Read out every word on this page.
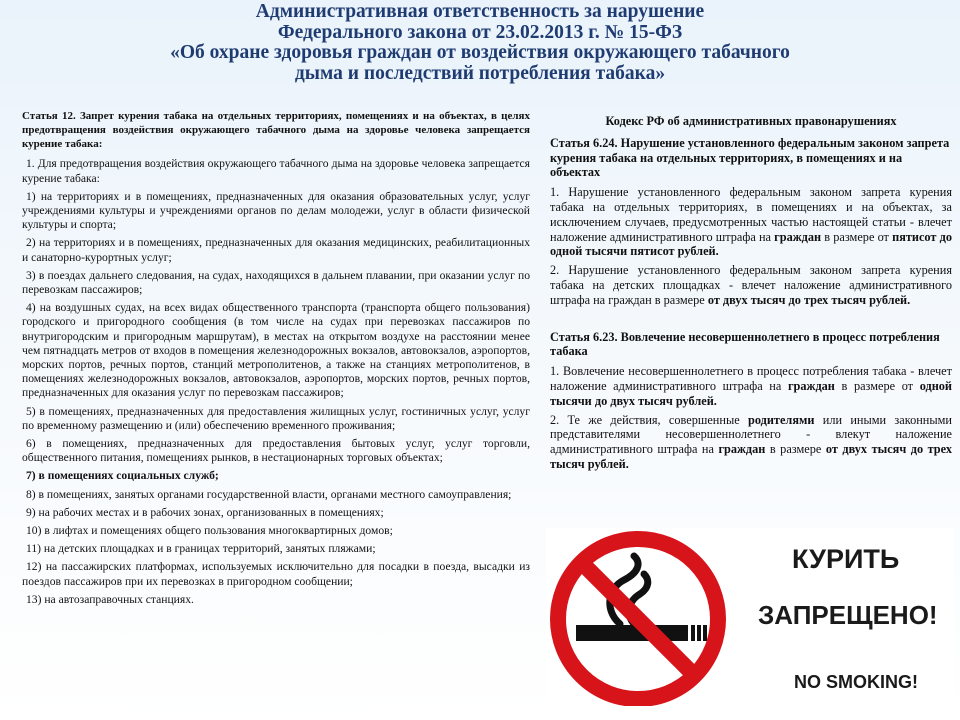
Административная ответственность за нарушение
Федерального закона от 23.02.2013 г. № 15-ФЗ
«Об охране здоровья граждан от воздействия окружающего табачного
дыма и последствий потребления табака»
Статья 12. Запрет курения табака на отдельных территориях, помещениях и на объектах, в целях предотвращения воздействия окружающего табачного дыма на здоровье человека запрещается курение табака:
1. Для предотвращения воздействия окружающего табачного дыма на здоровье человека запрещается курение табака:
1) на территориях и в помещениях, предназначенных для оказания образовательных услуг, услуг учреждениями культуры и учреждениями органов по делам молодежи, услуг в области физической культуры и спорта;
2) на территориях и в помещениях, предназначенных для оказания медицинских, реабилитационных и санаторно-курортных услуг;
3) в поездах дальнего следования, на судах, находящихся в дальнем плавании, при оказании услуг по перевозкам пассажиров;
4) на воздушных судах, на всех видах общественного транспорта (транспорта общего пользования) городского и пригородного сообщения (в том числе на судах при перевозках пассажиров по внутригородским и пригородным маршрутам), в местах на открытом воздухе на расстоянии менее чем пятнадцать метров от входов в помещения железнодорожных вокзалов, автовокзалов, аэропортов, морских портов, речных портов, станций метрополитенов, а также на станциях метрополитенов, в помещениях железнодорожных вокзалов, автовокзалов, аэропортов, морских портов, речных портов, предназначенных для оказания услуг по перевозкам пассажиров;
5) в помещениях, предназначенных для предоставления жилищных услуг, гостиничных услуг, услуг по временному размещению и (или) обеспечению временного проживания;
6) в помещениях, предназначенных для предоставления бытовых услуг, услуг торговли, общественного питания, помещениях рынков, в нестационарных торговых объектах;
7) в помещениях социальных служб;
8) в помещениях, занятых органами государственной власти, органами местного самоуправления;
9) на рабочих местах и в рабочих зонах, организованных в помещениях;
10) в лифтах и помещениях общего пользования многоквартирных домов;
11) на детских площадках и в границах территорий, занятых пляжами;
12) на пассажирских платформах, используемых исключительно для посадки в поезда, высадки из поездов пассажиров при их перевозках в пригородном сообщении;
13) на автозаправочных станциях.
Кодекс РФ об административных правонарушениях
Статья 6.24. Нарушение установленного федеральным законом запрета курения табака на отдельных территориях, в помещениях и на объектах
1. Нарушение установленного федеральным законом запрета курения табака на отдельных территориях, в помещениях и на объектах, за исключением случаев, предусмотренных частью настоящей статьи - влечет наложение административного штрафа на граждан в размере от пятисот до одной тысячи пятисот рублей.
2. Нарушение установленного федеральным законом запрета курения табака на детских площадках - влечет наложение административного штрафа на граждан в размере от двух тысяч до трех тысяч рублей.
Статья 6.23. Вовлечение несовершеннолетнего в процесс потребления табака
1. Вовлечение несовершеннолетнего в процесс потребления табака - влечет наложение административного штрафа на граждан в размере от одной тысячи до двух тысяч рублей.
2. Те же действия, совершенные родителями или иными законными представителями несовершеннолетнего - влекут наложение административного штрафа на граждан в размере от двух тысяч до трех тысяч рублей.
КУРИТЬ
ЗАПРЕЩЕНО!
NO SMOKING!
